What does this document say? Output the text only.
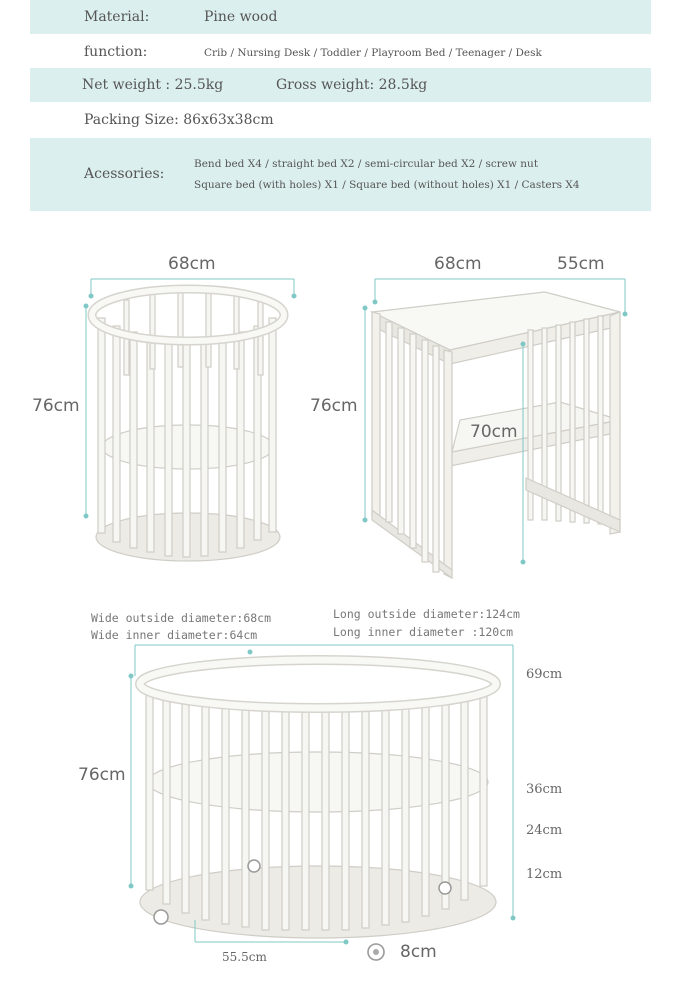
Material:	Pine wood
function:	Crib / Nursing Desk / Toddler / Playroom Bed / Teenager / Desk
Net weight : 25.5kg	Gross weight: 28.5kg
Packing Size: 86x63x38cm
Acessories:
Bend bed X4 / straight bed X2 / semi-circular bed X2 / screw nut
Square bed (with holes) X1 / Square bed (without holes) X1 / Casters X4
68cm
76cm
68cm	55cm
76cm
70cm
Wide outside diameter:68cm
Wide inner diameter:64cm
Long outside diameter:124cm
Long inner diameter :120cm
76cm
69cm
36cm
24cm
12cm
55.5cm	8cm
